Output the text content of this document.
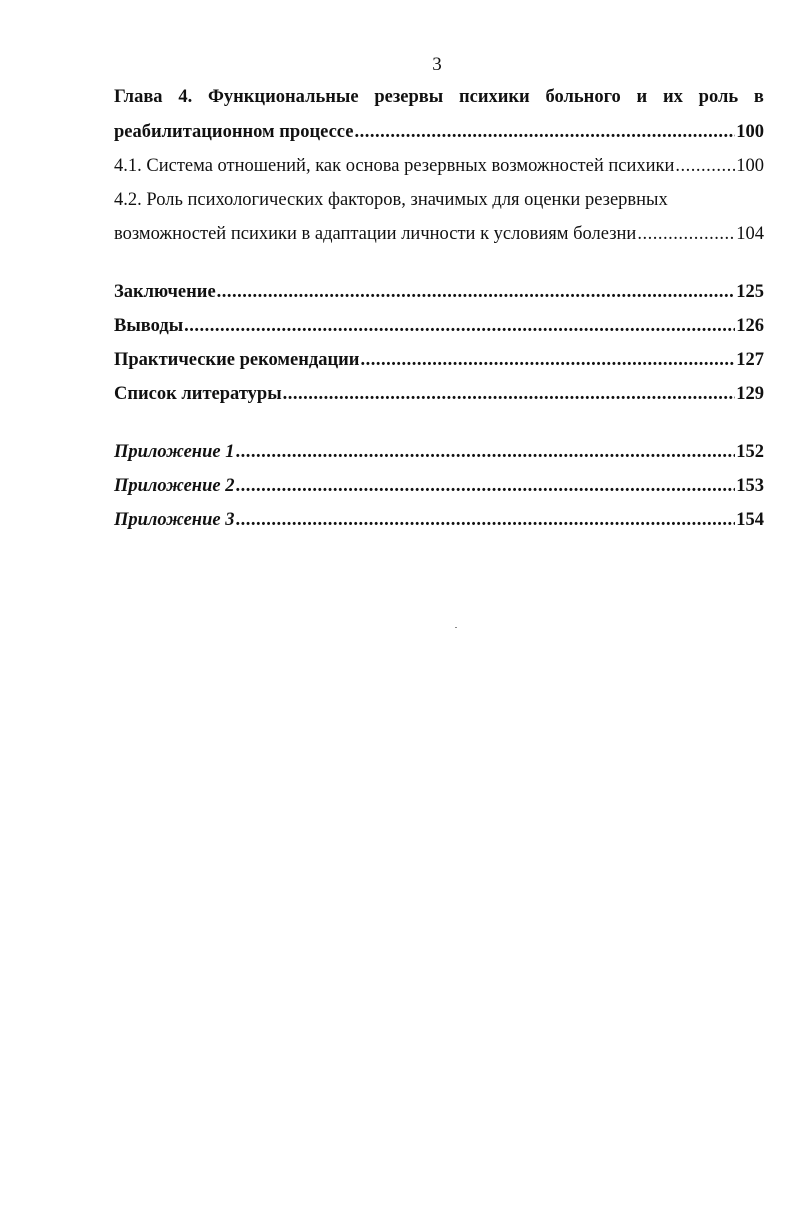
3
Глава 4. Функциональные резервы психики больного и их роль в
реабилитационном процессе .....	100
4.1. Система отношений, как основа резервных возможностей психики .....	100
4.2. Роль психологических факторов, значимых для оценки резервных
возможностей психики в адаптации личности к условиям болезни .....	104
Заключение .....	125
Выводы .....	126
Практические рекомендации .....	127
Список литературы .....	129
Приложение 1 .....	152
Приложение 2 .....	153
Приложение 3 .....	154
